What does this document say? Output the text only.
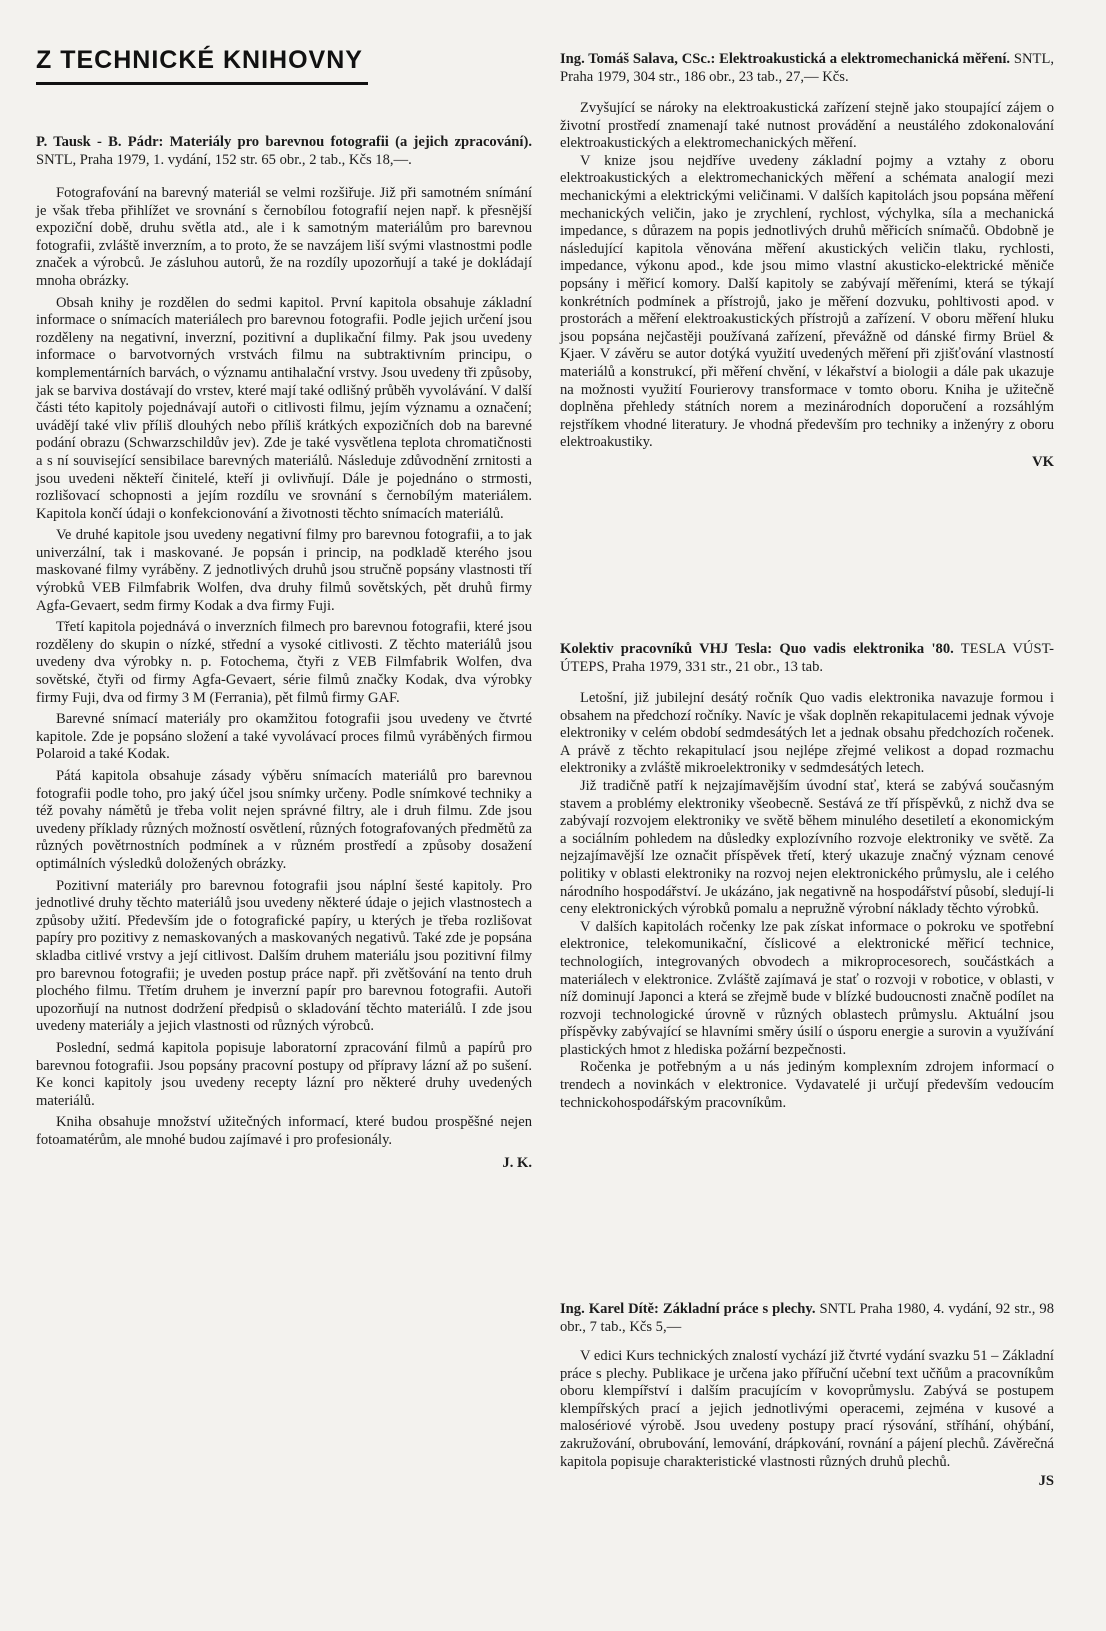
Z TECHNICKÉ KNIHOVNY

P. Tausk - B. Pádr: Materiály pro barevnou fotografii (a jejich zpracování). SNTL, Praha 1979, 1. vydání, 152 str. 65 obr., 2 tab., Kčs 18,—.

Fotografování na barevný materiál se velmi rozšiřuje. Již při samotném snímání je však třeba přihlížet ve srovnání s černobílou fotografií nejen např. k přesnější expoziční době, druhu světla atd., ale i k samotným materiálům pro barevnou fotografii, zvláště inverzním, a to proto, že se navzájem liší svými vlastnostmi podle značek a výrobců. Je zásluhou autorů, že na rozdíly upozorňují a také je dokládají mnoha obrázky.

Obsah knihy je rozdělen do sedmi kapitol. První kapitola obsahuje základní informace o snímacích materiálech pro barevnou fotografii. Podle jejich určení jsou rozděleny na negativní, inverzní, pozitivní a duplikační filmy. Pak jsou uvedeny informace o barvotvorných vrstvách filmu na subtraktivním principu, o komplementárních barvách, o významu antihalační vrstvy. Jsou uvedeny tři způsoby, jak se barviva dostávají do vrstev, které mají také odlišný průběh vyvolávání. V další části této kapitoly pojednávají autoři o citlivosti filmu, jejím významu a označení; uvádějí také vliv příliš dlouhých nebo příliš krátkých expozičních dob na barevné podání obrazu (Schwarzschildův jev). Zde je také vysvětlena teplota chromatičnosti a s ní související sensibilace barevných materiálů. Následuje zdůvodnění zrnitosti a jsou uvedeni někteří činitelé, kteří ji ovlivňují. Dále je pojednáno o strmosti, rozlišovací schopnosti a jejím rozdílu ve srovnání s černobílým materiálem. Kapitola končí údaji o konfekcionování a životnosti těchto snímacích materiálů.

Ve druhé kapitole jsou uvedeny negativní filmy pro barevnou fotografii, a to jak univerzální, tak i maskované. Je popsán i princip, na podkladě kterého jsou maskované filmy vyráběny. Z jednotlivých druhů jsou stručně popsány vlastnosti tří výrobků VEB Filmfabrik Wolfen, dva druhy filmů sovětských, pět druhů firmy Agfa-Gevaert, sedm firmy Kodak a dva firmy Fuji.

Třetí kapitola pojednává o inverzních filmech pro barevnou fotografii, které jsou rozděleny do skupin o nízké, střední a vysoké citlivosti. Z těchto materiálů jsou uvedeny dva výrobky n. p. Fotochema, čtyři z VEB Filmfabrik Wolfen, dva sovětské, čtyři od firmy Agfa-Gevaert, série filmů značky Kodak, dva výrobky firmy Fuji, dva od firmy 3 M (Ferrania), pět filmů firmy GAF.

Barevné snímací materiály pro okamžitou fotografii jsou uvedeny ve čtvrté kapitole. Zde je popsáno složení a také vyvolávací proces filmů vyráběných firmou Polaroid a také Kodak.

Pátá kapitola obsahuje zásady výběru snímacích materiálů pro barevnou fotografii podle toho, pro jaký účel jsou snímky určeny. Podle snímkové techniky a též povahy námětů je třeba volit nejen správné filtry, ale i druh filmu. Zde jsou uvedeny příklady různých možností osvětlení, různých fotografovaných předmětů za různých povětrnostních podmínek a v různém prostředí a způsoby dosažení optimálních výsledků doložených obrázky.

Pozitivní materiály pro barevnou fotografii jsou náplní šesté kapitoly. Pro jednotlivé druhy těchto materiálů jsou uvedeny některé údaje o jejich vlastnostech a způsoby užití. Především jde o fotografické papíry, u kterých je třeba rozlišovat papíry pro pozitivy z nemaskovaných a maskovaných negativů. Také zde je popsána skladba citlivé vrstvy a její citlivost. Dalším druhem materiálu jsou pozitivní filmy pro barevnou fotografii; je uveden postup práce např. při zvětšování na tento druh plochého filmu. Třetím druhem je inverzní papír pro barevnou fotografii. Autoři upozorňují na nutnost dodržení předpisů o skladování těchto materiálů. I zde jsou uvedeny materiály a jejich vlastnosti od různých výrobců.

Poslední, sedmá kapitola popisuje laboratorní zpracování filmů a papírů pro barevnou fotografii. Jsou popsány pracovní postupy od přípravy lázní až po sušení. Ke konci kapitoly jsou uvedeny recepty lázní pro některé druhy uvedených materiálů.

Kniha obsahuje množství užitečných informací, které budou prospěšné nejen fotoamatérům, ale mnohé budou zajímavé i pro profesionály.

J. K.

Ing. Tomáš Salava, CSc.: Elektroakustická a elektromechanická měření. SNTL, Praha 1979, 304 str., 186 obr., 23 tab., 27,— Kčs.

Zvyšující se nároky na elektroakustická zařízení stejně jako stoupající zájem o životní prostředí znamenají také nutnost provádění a neustálého zdokonalování elektroakustických a elektromechanických měření.

V knize jsou nejdříve uvedeny základní pojmy a vztahy z oboru elektroakustických a elektromechanických měření a schémata analogií mezi mechanickými a elektrickými veličinami. V dalších kapitolách jsou popsána měření mechanických veličin, jako je zrychlení, rychlost, výchylka, síla a mechanická impedance, s důrazem na popis jednotlivých druhů měřicích snímačů. Obdobně je následující kapitola věnována měření akustických veličin tlaku, rychlosti, impedance, výkonu apod., kde jsou mimo vlastní akusticko-elektrické měniče popsány i měřicí komory. Další kapitoly se zabývají měřeními, která se týkají konkrétních podmínek a přístrojů, jako je měření dozvuku, pohltivosti apod. v prostorách a měření elektroakustických přístrojů a zařízení. V oboru měření hluku jsou popsána nejčastěji používaná zařízení, převážně od dánské firmy Brüel & Kjaer. V závěru se autor dotýká využití uvedených měření při zjišťování vlastností materiálů a konstrukcí, při měření chvění, v lékařství a biologii a dále pak ukazuje na možnosti využití Fourierovy transformace v tomto oboru. Kniha je užitečně doplněna přehledy státních norem a mezinárodních doporučení a rozsáhlým rejstříkem vhodné literatury. Je vhodná především pro techniky a inženýry z oboru elektroakustiky.

VK

Kolektiv pracovníků VHJ Tesla: Quo vadis elektronika '80. TESLA VÚST-ÚTEPS, Praha 1979, 331 str., 21 obr., 13 tab.

Letošní, již jubilejní desátý ročník Quo vadis elektronika navazuje formou i obsahem na předchozí ročníky. Navíc je však doplněn rekapitulacemi jednak vývoje elektroniky v celém období sedmdesátých let a jednak obsahu předchozích ročenek. A právě z těchto rekapitulací jsou nejlépe zřejmé velikost a dopad rozmachu elektroniky a zvláště mikroelektroniky v sedmdesátých letech.

Již tradičně patří k nejzajímavějším úvodní stať, která se zabývá současným stavem a problémy elektroniky všeobecně. Sestává ze tří příspěvků, z nichž dva se zabývají rozvojem elektroniky ve světě během minulého desetiletí a ekonomickým a sociálním pohledem na důsledky explozívního rozvoje elektroniky ve světě. Za nejzajímavější lze označit příspěvek třetí, který ukazuje značný význam cenové politiky v oblasti elektroniky na rozvoj nejen elektronického průmyslu, ale i celého národního hospodářství. Je ukázáno, jak negativně na hospodářství působí, sledují-li ceny elektronických výrobků pomalu a nepružně výrobní náklady těchto výrobků.

V dalších kapitolách ročenky lze pak získat informace o pokroku ve spotřební elektronice, telekomunikační, číslicové a elektronické měřicí technice, technologiích, integrovaných obvodech a mikroprocesorech, součástkách a materiálech v elektronice. Zvláště zajímavá je stať o rozvoji v robotice, v oblasti, v níž dominují Japonci a která se zřejmě bude v blízké budoucnosti značně podílet na rozvoji technologické úrovně v různých oblastech průmyslu. Aktuální jsou příspěvky zabývající se hlavními směry úsilí o úsporu energie a surovin a využívání plastických hmot z hlediska požární bezpečnosti.

Ročenka je potřebným a u nás jediným komplexním zdrojem informací o trendech a novinkách v elektronice. Vydavatelé ji určují především vedoucím technickohospodářským pracovníkům.

Ing. Karel Dítě: Základní práce s plechy. SNTL Praha 1980, 4. vydání, 92 str., 98 obr., 7 tab., Kčs 5,—

V edici Kurs technických znalostí vychází již čtvrté vydání svazku 51 – Základní práce s plechy. Publikace je určena jako přířuční učební text učňům a pracovníkům oboru klempířství i dalším pracujícím v kovoprůmyslu. Zabývá se postupem klempířských prací a jejich jednotlivými operacemi, zejména v kusové a malosériové výrobě. Jsou uvedeny postupy prací rýsování, stříhání, ohýbání, zakružování, obrubování, lemování, drápkování, rovnání a pájení plechů. Závěrečná kapitola popisuje charakteristické vlastnosti různých druhů plechů.

JS
